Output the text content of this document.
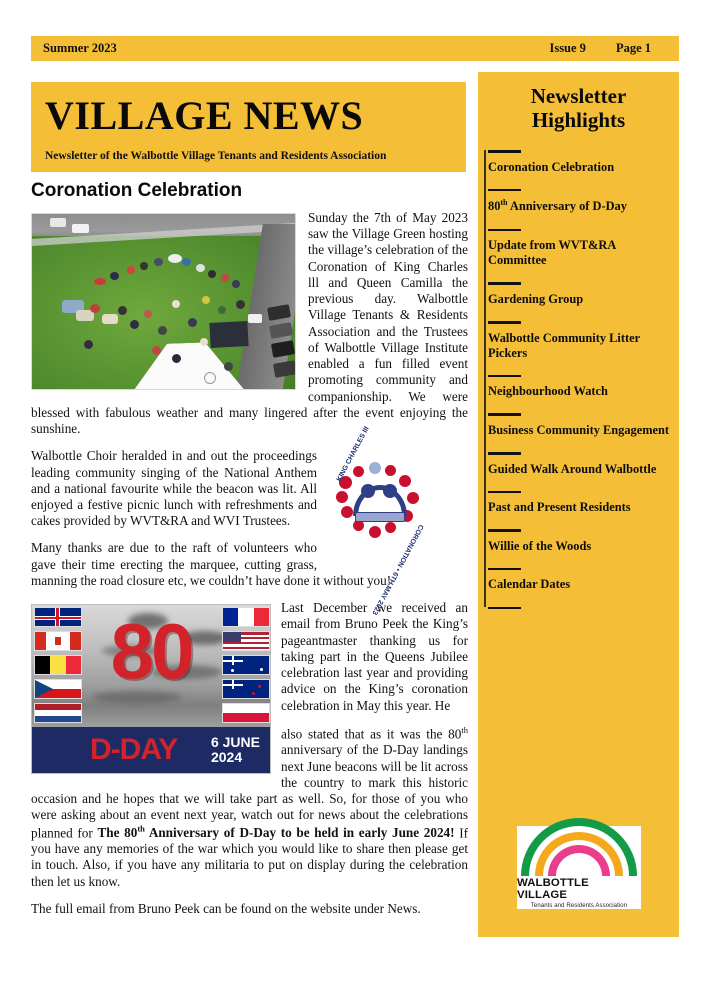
Summer 2023	Issue 9 Page 1
VILLAGE NEWS

Newsletter of the Walbottle Village Tenants and Residents Association

Newsletter Highlights
Coronation Celebration
80th Anniversary of D-Day
Update from WVT&RA Committee
Gardening Group
Walbottle Community Litter Pickers
Neighbourhood Watch
Business Community Engagement
Guided Walk Around Walbottle
Past and Present Residents
Willie of the Woods
Calendar Dates
WALBOTTLE VILLAGE
Tenants and Residents Association
Coronation Celebration

Sunday the 7th of May 2023 saw the Village Green hosting the village’s celebration of the Coronation of King Charles lll and Queen Camilla the previous day. Walbottle Village Tenants & Residents Association and the Trustees of Walbottle Village Institute enabled a fun filled event promoting community and companionship. We were blessed with fabulous weather and many lingered after the event enjoying the sunshine.	KING CHARLES III
CORONATION • 6TH MAY 2023

Walbottle Choir heralded in and out the proceedings leading community singing of the National Anthem and a national favourite while the beacon was lit. All enjoyed a festive picnic lunch with refreshments and cakes provided by WVT&RA and WVI Trustees.

Many thanks are due to the raft of volunteers who gave their time erecting the marquee, cutting grass, manning the road closure etc, we couldn’t have done it without you!

80
D-DAY 6 JUNE
2024

Last December we received an email from Bruno Peek the King’s pageantmaster thanking us for taking part in the Queens Jubilee celebration last year and providing advice on the King’s coronation celebration in May this year. He

also stated that as it was the 80th anniversary of the D-Day landings next June beacons will be lit across the country to mark this historic occasion and he hopes that we will take part as well. So, for those of you who were asking about an event next year, watch out for news about the celebrations planned for The 80th Anniversary of D-Day to be held in early June 2024! If you have any memories of the war which you would like to share then please get in touch. Also, if you have any militaria to put on display during the celebration then let us know.

The full email from Bruno Peek can be found on the website under News.
